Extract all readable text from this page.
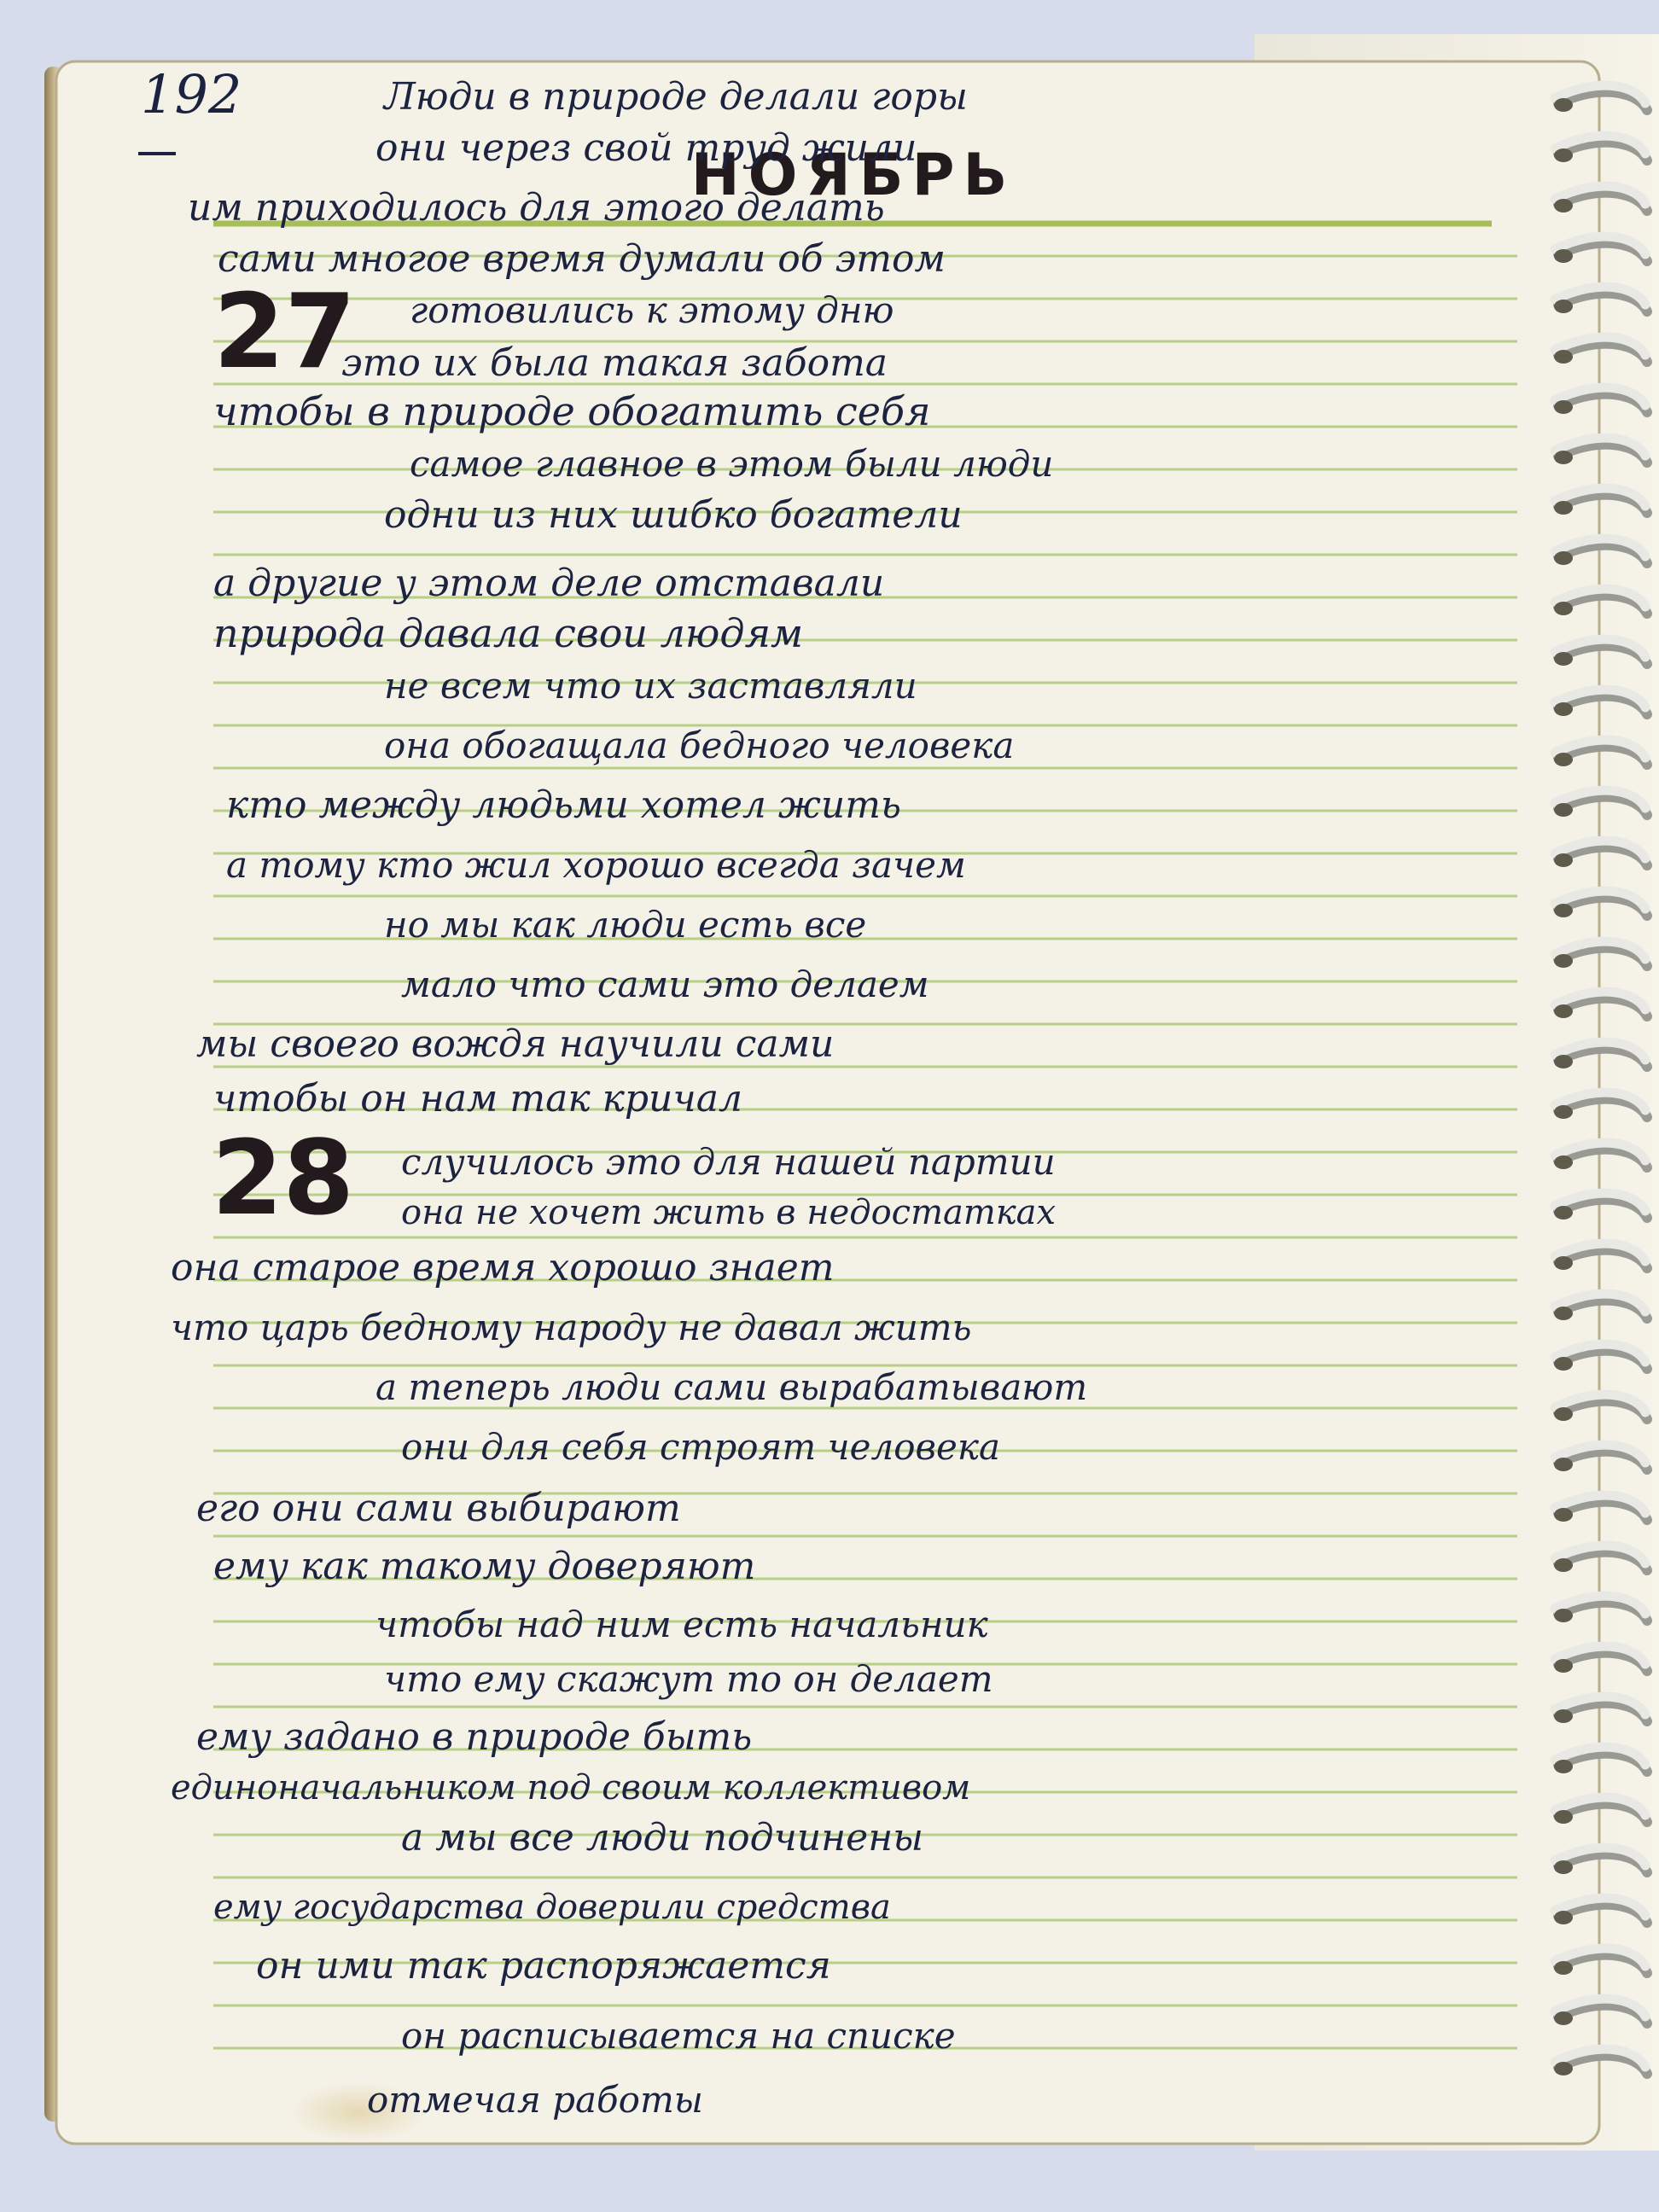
НОЯБРЬ
27
28
192	Люди в природе делали горы
они через свой труд жили
им приходилось для этого делать
сами многое время думали об этом
готовились к этому дню
это их была такая забота
чтобы в природе обогатить себя
самое главное в этом были люди
одни из них шибко богатели
а другие у этом деле отставали
природа давала свои людям
не всем что их заставляли
она обогащала бедного человека
кто между людьми хотел жить
а тому кто жил хорошо всегда зачем
но мы как люди есть все
мало что сами это делаем
мы своего вождя научили сами
чтобы он нам так кричал
случилось это для нашей партии
она не хочет жить в недостатках
она старое время хорошо знает
что царь бедному народу не давал жить
а теперь люди сами вырабатывают
они для себя строят человека
его они сами выбирают
ему как такому доверяют
чтобы над ним есть начальник
что ему скажут то он делает
ему задано в природе быть
единоначальником под своим коллективом
а мы все люди подчинены
ему государства доверили средства
он ими так распоряжается
он расписывается на списке
отмечая работы
